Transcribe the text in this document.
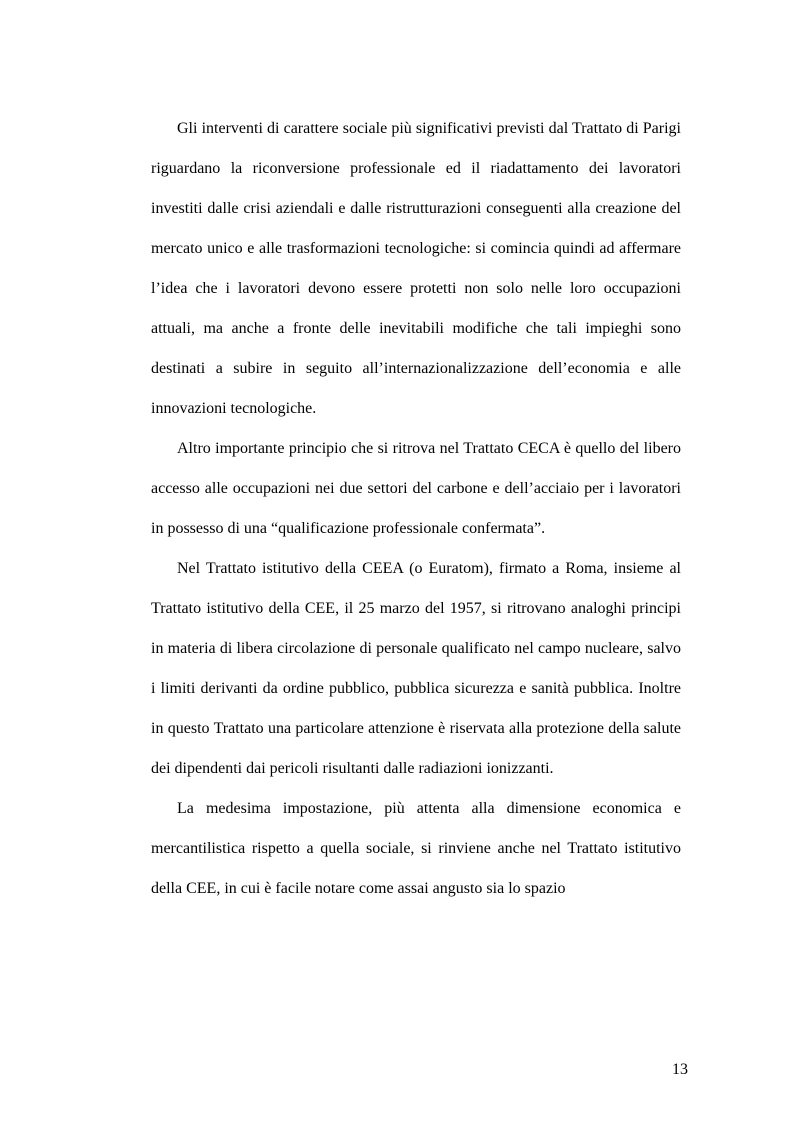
Gli interventi di carattere sociale più significativi previsti dal Trattato di Parigi riguardano la riconversione professionale ed il riadattamento dei lavoratori investiti dalle crisi aziendali e dalle ristrutturazioni conseguenti alla creazione del mercato unico e alle trasformazioni tecnologiche: si comincia quindi ad affermare l’idea che i lavoratori devono essere protetti non solo nelle loro occupazioni attuali, ma anche a fronte delle inevitabili modifiche che tali impieghi sono destinati a subire in seguito all’internazionalizzazione dell’economia e alle innovazioni tecnologiche.

Altro importante principio che si ritrova nel Trattato CECA è quello del libero accesso alle occupazioni nei due settori del carbone e dell’acciaio per i lavoratori in possesso di una “qualificazione professionale confermata”.

Nel Trattato istitutivo della CEEA (o Euratom), firmato a Roma, insieme al Trattato istitutivo della CEE, il 25 marzo del 1957, si ritrovano analoghi principi in materia di libera circolazione di personale qualificato nel campo nucleare, salvo i limiti derivanti da ordine pubblico, pubblica sicurezza e sanità pubblica. Inoltre in questo Trattato una particolare attenzione è riservata alla protezione della salute dei dipendenti dai pericoli risultanti dalle radiazioni ionizzanti.

La medesima impostazione, più attenta alla dimensione economica e mercantilistica rispetto a quella sociale, si rinviene anche nel Trattato istitutivo della CEE, in cui è facile notare come assai angusto sia lo spazio

13
